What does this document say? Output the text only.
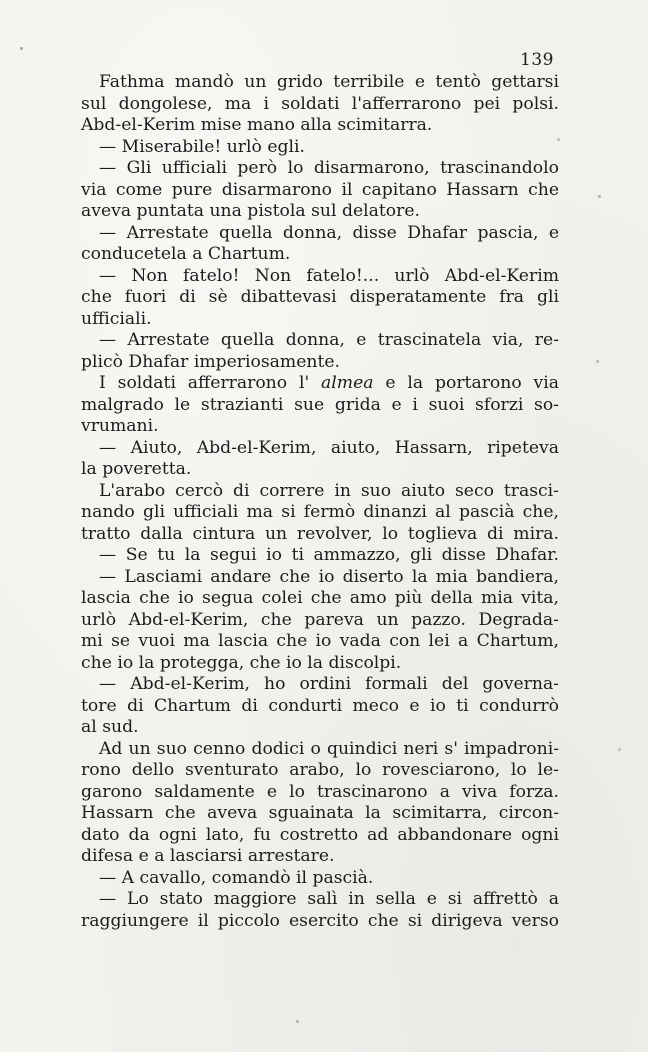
139
Fathma mandò un grido terribile e tentò gettarsi
sul dongolese, ma i soldati l'afferrarono pei polsi.
Abd-el-Kerim mise mano alla scimitarra.
— Miserabile! urlò egli.
— Gli ufficiali però lo disarmarono, trascinandolo
via come pure disarmarono il capitano Hassarn che
aveva puntata una pistola sul delatore.
— Arrestate quella donna, disse Dhafar pascia, e
conducetela a Chartum.
— Non fatelo! Non fatelo!... urlò Abd-el-Kerim
che fuori di sè dibattevasi disperatamente fra gli
ufficiali.
— Arrestate quella donna, e trascinatela via, re-
plicò Dhafar imperiosamente.
I soldati afferrarono l' almea e la portarono via
malgrado le strazianti sue grida e i suoi sforzi so-
vrumani.
— Aiuto, Abd-el-Kerim, aiuto, Hassarn, ripeteva
la poveretta.
L'arabo cercò di correre in suo aiuto seco trasci-
nando gli ufficiali ma si fermò dinanzi al pascià che,
tratto dalla cintura un revolver, lo toglieva di mira.
— Se tu la segui io ti ammazzo, gli disse Dhafar.
— Lasciami andare che io diserto la mia bandiera,
lascia che io segua colei che amo più della mia vita,
urlò Abd-el-Kerim, che pareva un pazzo. Degrada-
mi se vuoi ma lascia che io vada con lei a Chartum,
che io la protegga, che io la discolpi.
— Abd-el-Kerim, ho ordini formali del governa-
tore di Chartum di condurti meco e io ti condurrò
al sud.
Ad un suo cenno dodici o quindici neri s' impadroni-
rono dello sventurato arabo, lo rovesciarono, lo le-
garono saldamente e lo trascinarono a viva forza.
Hassarn che aveva sguainata la scimitarra, circon-
dato da ogni lato, fu costretto ad abbandonare ogni
difesa e a lasciarsi arrestare.
— A cavallo, comandò il pascià.
— Lo stato maggiore salì in sella e si affrettò a
raggiungere il piccolo esercito che si dirigeva verso
